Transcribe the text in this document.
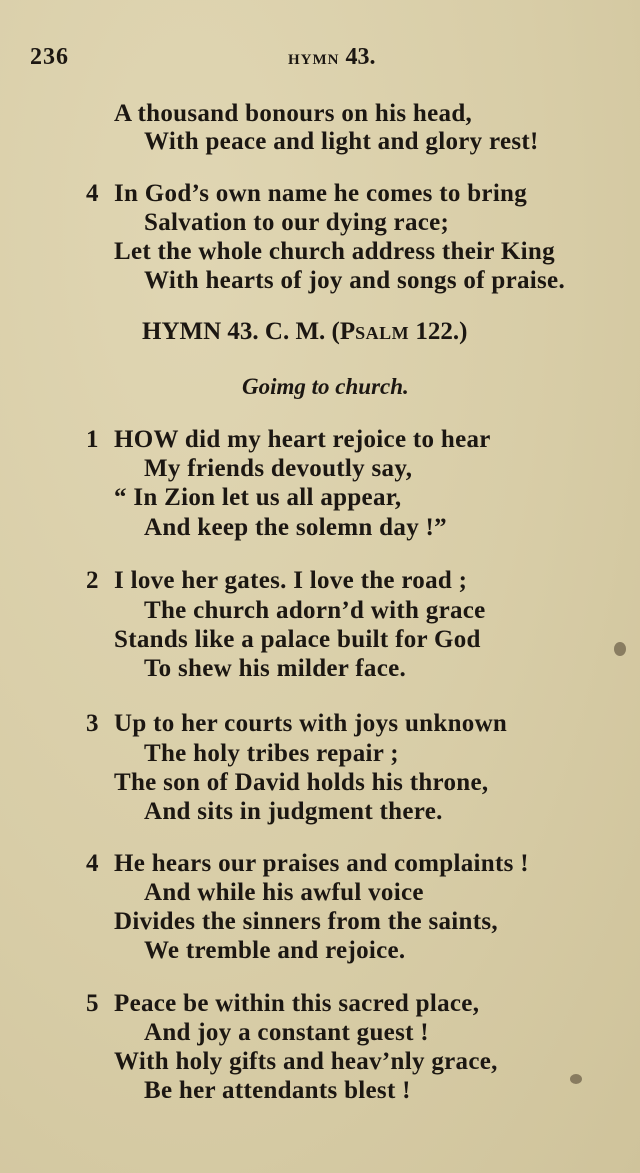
236	HYMN 43.
A thousand bonours on his head,
With peace and light and glory rest!
4 In God’s own name he comes to bring
Salvation to our dying race;
Let the whole church address their King
With hearts of joy and songs of praise.
HYMN 43. C. M. (PSALM 122.)
Goimg to church.
1 HOW did my heart rejoice to hear
My friends devoutly say,
“ In Zion let us all appear,
And keep the solemn day !”
2 I love her gates. I love the road ;
The church adorn’d with grace
Stands like a palace built for God
To shew his milder face.
3 Up to her courts with joys unknown
The holy tribes repair ;
The son of David holds his throne,
And sits in judgment there.
4 He hears our praises and complaints !
And while his awful voice
Divides the sinners from the saints,
We tremble and rejoice.
5 Peace be within this sacred place,
And joy a constant guest !
With holy gifts and heav’nly grace,
Be her attendants blest !
